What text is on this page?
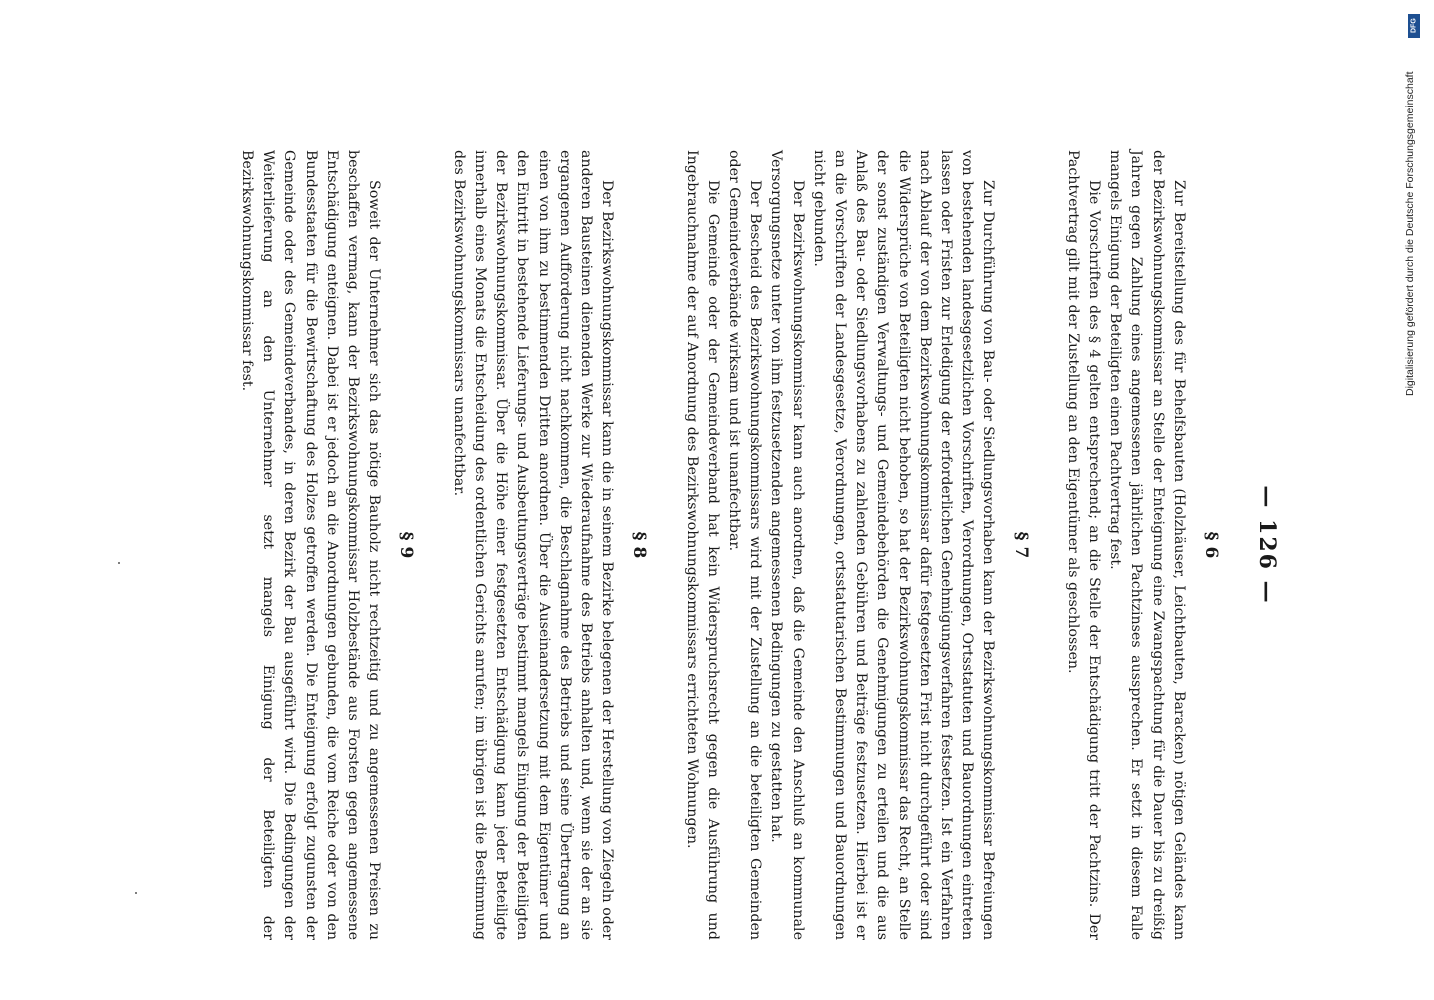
— 126 —
§ 6

Zur Bereitstellung des für Behelfsbauten (Holzhäuser, Leichtbauten, Baracken) nötigen Geländes kann der Bezirkswohnungskommissar an Stelle der Enteignung eine Zwangspachtung für die Dauer bis zu dreißig Jahren gegen Zahlung eines angemessenen jährlichen Pachtzinses aussprechen. Er setzt in diesem Falle mangels Einigung der Beteiligten einen Pachtvertrag fest.

Die Vorschriften des § 4 gelten entsprechend; an die Stelle der Entschädigung tritt der Pachtzins. Der Pachtvertrag gilt mit der Zustellung an den Eigentümer als geschlossen.

§ 7

Zur Durchführung von Bau- oder Siedlungsvorhaben kann der Bezirkswohnungskommissar Befreiungen von bestehenden landesgesetzlichen Vorschriften, Verordnungen, Ortsstatuten und Bauordnungen eintreten lassen oder Fristen zur Erledigung der erforderlichen Genehmigungsverfahren festsetzen. Ist ein Verfahren nach Ablauf der von dem Bezirkswohnungskommissar dafür festgesetzten Frist nicht durchgeführt oder sind die Widersprüche von Beteiligten nicht behoben, so hat der Bezirkswohnungskommissar das Recht, an Stelle der sonst zuständigen Verwaltungs- und Gemeindebehörden die Genehmigungen zu erteilen und die aus Anlaß des Bau- oder Siedlungsvorhabens zu zahlenden Gebühren und Beiträge festzusetzen. Hierbei ist er an die Vorschriften der Landesgesetze, Verordnungen, ortsstatutarischen Bestimmungen und Bauordnungen nicht gebunden.

Der Bezirkswohnungskommissar kann auch anordnen, daß die Gemeinde den Anschluß an kommunale Versorgungsnetze unter von ihm festzusetzenden angemessenen Bedingungen zu gestatten hat.

Der Bescheid des Bezirkswohnungskommissars wird mit der Zustellung an die beteiligten Gemeinden oder Gemeindeverbände wirksam und ist unanfechtbar.

Die Gemeinde oder der Gemeindeverband hat kein Widerspruchsrecht gegen die Ausführung und Ingebrauchnahme der auf Anordnung des Bezirkswohnungskommissars errichteten Wohnungen.

§ 8

Der Bezirkswohnungskommissar kann die in seinem Bezirke belegenen der Herstellung von Ziegeln oder anderen Bausteinen dienenden Werke zur Wiederaufnahme des Betriebs anhalten und, wenn sie der an sie ergangenen Aufforderung nicht nachkommen, die Beschlagnahme des Betriebs und seine Übertragung an einen von ihm zu bestimmenden Dritten anordnen. Über die Auseinandersetzung mit dem Eigentümer und den Eintritt in bestehende Lieferungs- und Ausbeutungsverträge bestimmt mangels Einigung der Beteiligten der Bezirkswohnungskommissar. Über die Höhe einer festgesetzten Entschädigung kann jeder Beteiligte innerhalb eines Monats die Entscheidung des ordentlichen Gerichts anrufen; im übrigen ist die Bestimmung des Bezirkswohnungskommissars unanfechtbar.

§ 9

Soweit der Unternehmer sich das nötige Bauholz nicht rechtzeitig und zu angemessenen Preisen zu beschaffen vermag, kann der Bezirkswohnungskommissar Holzbestände aus Forsten gegen angemessene Entschädigung enteignen. Dabei ist er jedoch an die Anordnungen gebunden, die vom Reiche oder von den Bundesstaaten für die Bewirtschaftung des Holzes getroffen werden. Die Enteignung erfolgt zugunsten der Gemeinde oder des Gemeindeverbandes, in deren Bezirk der Bau ausgeführt wird. Die Bedingungen der Weiterlieferung an den Unternehmer setzt mangels Einigung der Beteiligten der Bezirkswohnungskommissar fest.

DFG
Digitalisierung gefördert durch die Deutsche Forschungsgemeinschaft
